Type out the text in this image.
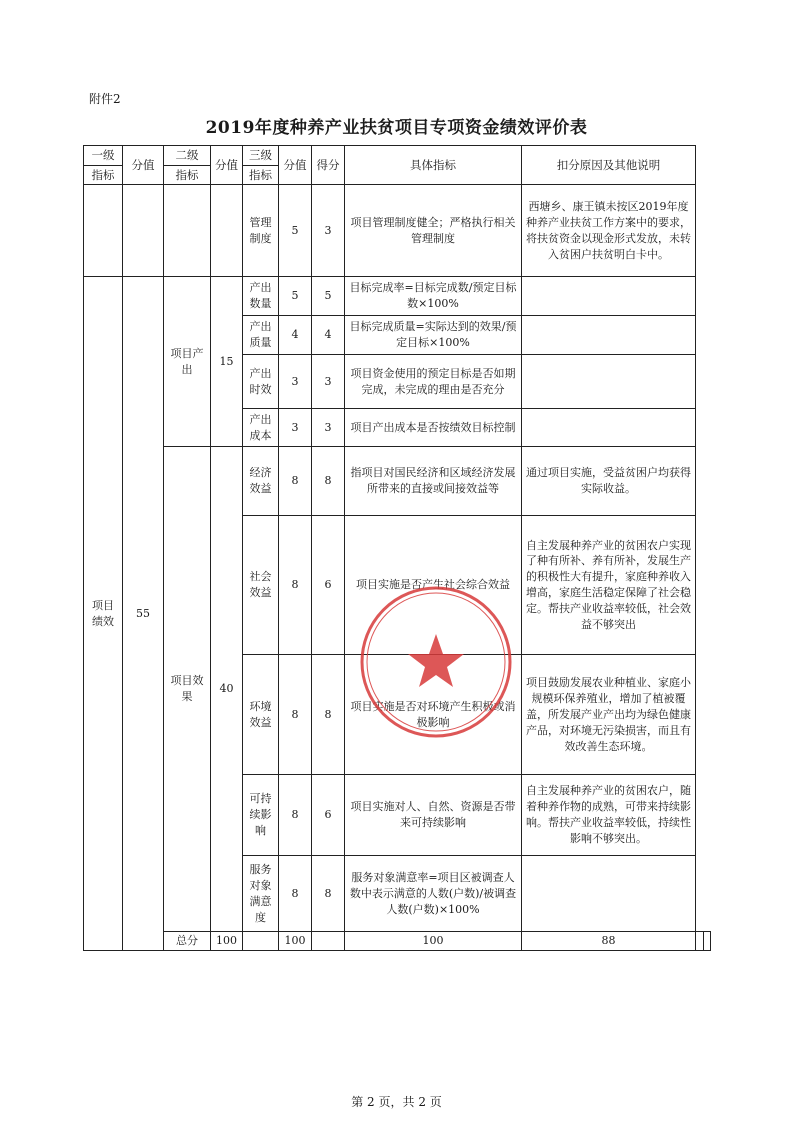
附件2
2019年度种养产业扶贫项目专项资金绩效评价表
一级	分值	二级	分值	三级	分值	得分	具体指标	扣分原因及其他说明		
指标		指标		指标						
				管理制度	5	3	项目管理制度健全；严格执行相关管理制度	西塘乡、康王镇未按区2019年度种养产业扶贫工作方案中的要求，将扶贫资金以现金形式发放，未转入贫困户扶贫明白卡中。		
项目绩效	55	项目产出	15	产出数量	5	5	目标完成率=目标完成数/预定目标数×100%			
				产出质量	4	4	目标完成质量=实际达到的效果/预定目标×100%			
				产出时效	3	3	项目资金使用的预定目标是否如期完成，未完成的理由是否充分			
				产出成本	3	3	项目产出成本是否按绩效目标控制			
		项目效果	40	经济效益	8	8	指项目对国民经济和区域经济发展所带来的直接或间接效益等	通过项目实施，受益贫困户均获得实际收益。		
				社会效益	8	6	项目实施是否产生社会综合效益	自主发展种养产业的贫困农户实现了种有所补、养有所补，发展生产的积极性大有提升，家庭种养收入增高，家庭生活稳定保障了社会稳定。帮扶产业收益率较低，社会效益不够突出		
				环境效益	8	8	项目实施是否对环境产生积极或消极影响	项目鼓励发展农业种植业、家庭小规模环保养殖业，增加了植被覆盖，所发展产业产出均为绿色健康产品，对环境无污染损害，而且有效改善生态环境。		
				可持续影响	8	6	项目实施对人、自然、资源是否带来可持续影响	自主发展种养产业的贫困农户，随着种养作物的成熟，可带来持续影响。帮扶产业收益率较低，持续性影响不够突出。		
				服务对象满意度	8	8	服务对象满意率=项目区被调查人数中表示满意的人数(户数)/被调查人数(户数)×100%			
		总分	100		100		100	88		
第 2 页，共 2 页
